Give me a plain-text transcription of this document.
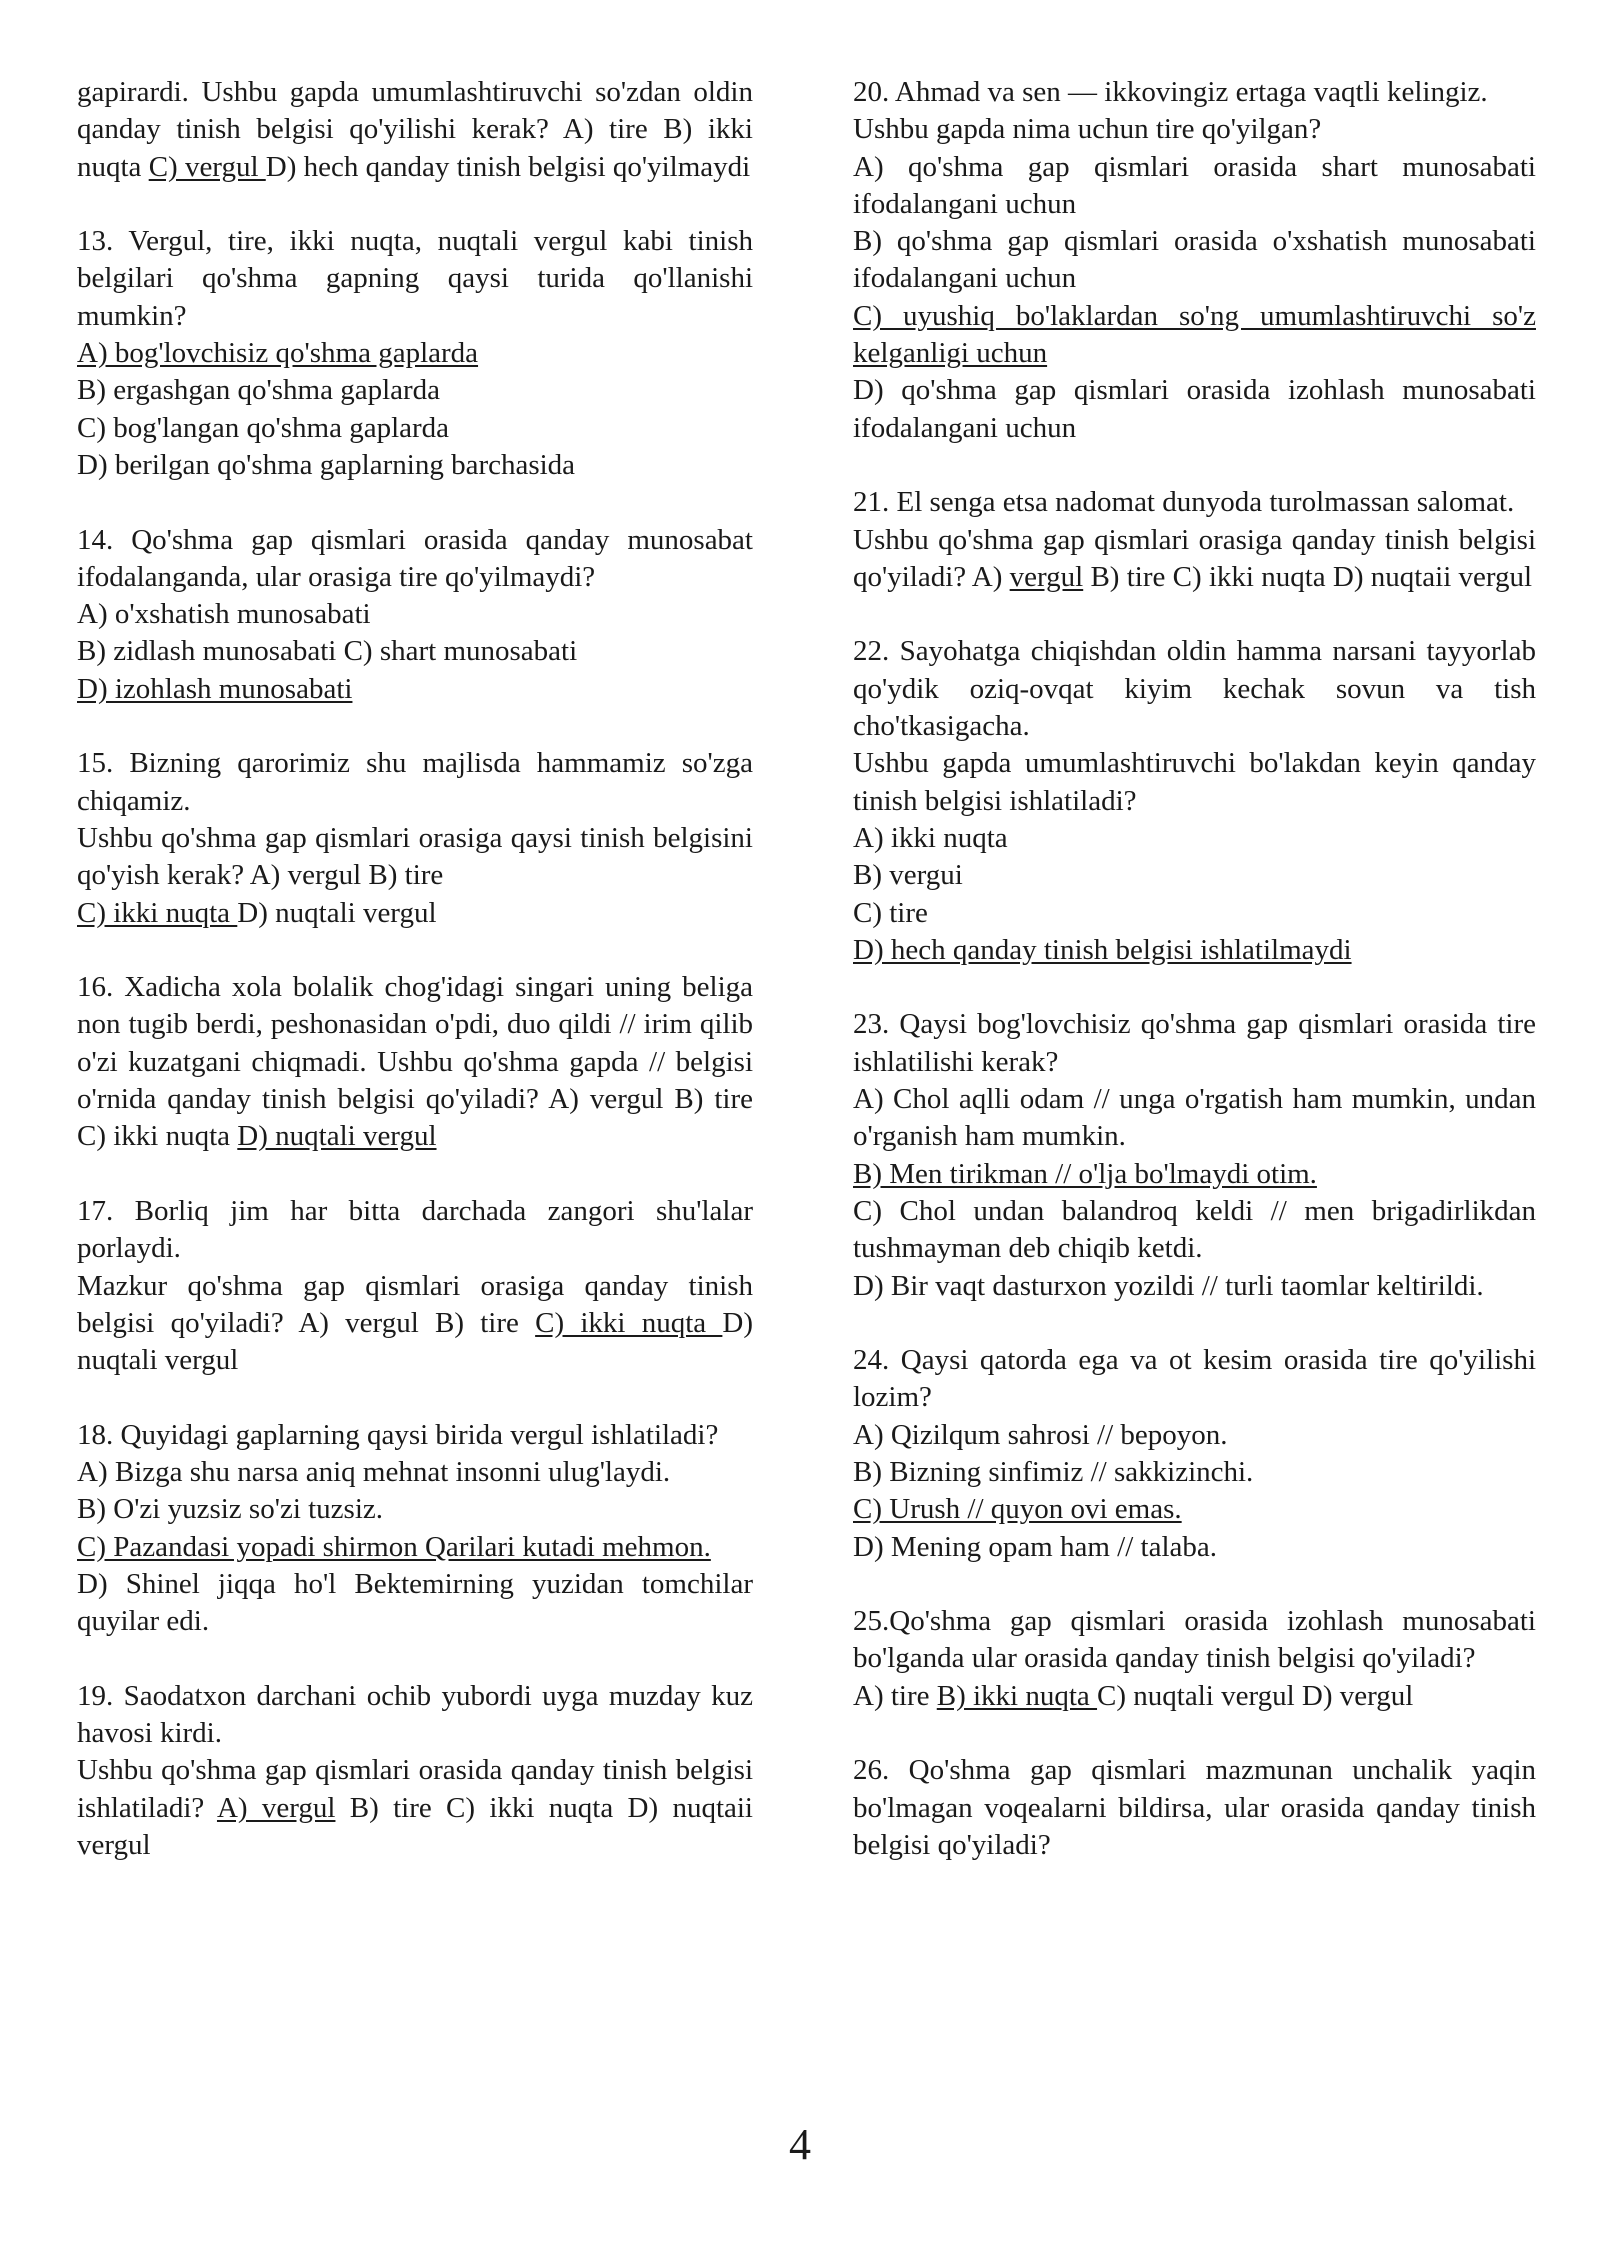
gapirardi. Ushbu gapda umumlashtiruvchi so'zdan oldin qanday tinish belgisi qo'yilishi kerak? A) tire B) ikki nuqta C) vergul D) hech qanday tinish belgisi qo'yilmaydi
13. Vergul, tire, ikki nuqta, nuqtali vergul kabi tinish belgilari qo'shma gapning qaysi turida qo'llanishi mumkin?
A) bog'lovchisiz qo'shma gaplarda
B) ergashgan qo'shma gaplarda
C) bog'langan qo'shma gaplarda
D) berilgan qo'shma gaplarning barchasida
14. Qo'shma gap qismlari orasida qanday munosabat ifodalanganda, ular orasiga tire qo'yilmaydi?
A) o'xshatish munosabati
B) zidlash munosabati C) shart munosabati
D) izohlash munosabati
15. Bizning qarorimiz shu majlisda hammamiz so'zga chiqamiz.
Ushbu qo'shma gap qismlari orasiga qaysi tinish belgisini qo'yish kerak? A) vergul B) tire
C) ikki nuqta D) nuqtali vergul
16. Xadicha xola bolalik chog'idagi singari uning beliga non tugib berdi, peshonasidan o'pdi, duo qildi // irim qilib o'zi kuzatgani chiqmadi. Ushbu qo'shma gapda // belgisi o'rnida qanday tinish belgisi qo'yiladi? A) vergul B) tire C) ikki nuqta D) nuqtali vergul
17. Borliq jim har bitta darchada zangori shu'lalar porlaydi.
Mazkur qo'shma gap qismlari orasiga qanday tinish belgisi qo'yiladi? A) vergul B) tire C) ikki nuqta D) nuqtali vergul
18. Quyidagi gaplarning qaysi birida vergul ishlatiladi?
A) Bizga shu narsa aniq mehnat insonni ulug'laydi.
B) O'zi yuzsiz so'zi tuzsiz.
C) Pazandasi yopadi shirmon Qarilari kutadi mehmon.
D) Shinel jiqqa ho'l Bektemirning yuzidan tomchilar quyilar edi.
19. Saodatxon darchani ochib yubordi uyga muzday kuz havosi kirdi.
Ushbu qo'shma gap qismlari orasida qanday tinish belgisi ishlatiladi? A) vergul B) tire C) ikki nuqta D) nuqtaii vergul
20. Ahmad va sen — ikkovingiz ertaga vaqtli kelingiz.
Ushbu gapda nima uchun tire qo'yilgan?
A) qo'shma gap qismlari orasida shart munosabati ifodalangani uchun
B) qo'shma gap qismlari orasida o'xshatish munosabati ifodalangani uchun
C) uyushiq bo'laklardan so'ng umumlashtiruvchi so'z kelganligi uchun
D) qo'shma gap qismlari orasida izohlash munosabati ifodalangani uchun
21. El senga etsa nadomat dunyoda turolmassan salomat.
Ushbu qo'shma gap qismlari orasiga qanday tinish belgisi qo'yiladi? A) vergul B) tire C) ikki nuqta D) nuqtaii vergul
22. Sayohatga chiqishdan oldin hamma narsani tayyorlab qo'ydik oziq-ovqat kiyim kechak sovun va tish cho'tkasigacha.
Ushbu gapda umumlashtiruvchi bo'lakdan keyin qanday tinish belgisi ishlatiladi?
A) ikki nuqta
B) vergui
C) tire
D) hech qanday tinish belgisi ishlatilmaydi
23. Qaysi bog'lovchisiz qo'shma gap qismlari orasida tire ishlatilishi kerak?
A) Chol aqlli odam // unga o'rgatish ham mumkin, undan o'rganish ham mumkin.
B) Men tirikman // o'lja bo'lmaydi otim.
C) Chol undan balandroq keldi // men brigadirlikdan tushmayman deb chiqib ketdi.
D) Bir vaqt dasturxon yozildi // turli taomlar keltirildi.
24. Qaysi qatorda ega va ot kesim orasida tire qo'yilishi lozim?
A) Qizilqum sahrosi // bepoyon.
B) Bizning sinfimiz // sakkizinchi.
C) Urush // quyon ovi emas.
D) Mening opam ham // talaba.
25.Qo'shma gap qismlari orasida izohlash munosabati bo'lganda ular orasida qanday tinish belgisi qo'yiladi?
A) tire B) ikki nuqta C) nuqtali vergul D) vergul
26. Qo'shma gap qismlari mazmunan unchalik yaqin bo'lmagan voqealarni bildirsa, ular orasida qanday tinish belgisi qo'yiladi?
4
